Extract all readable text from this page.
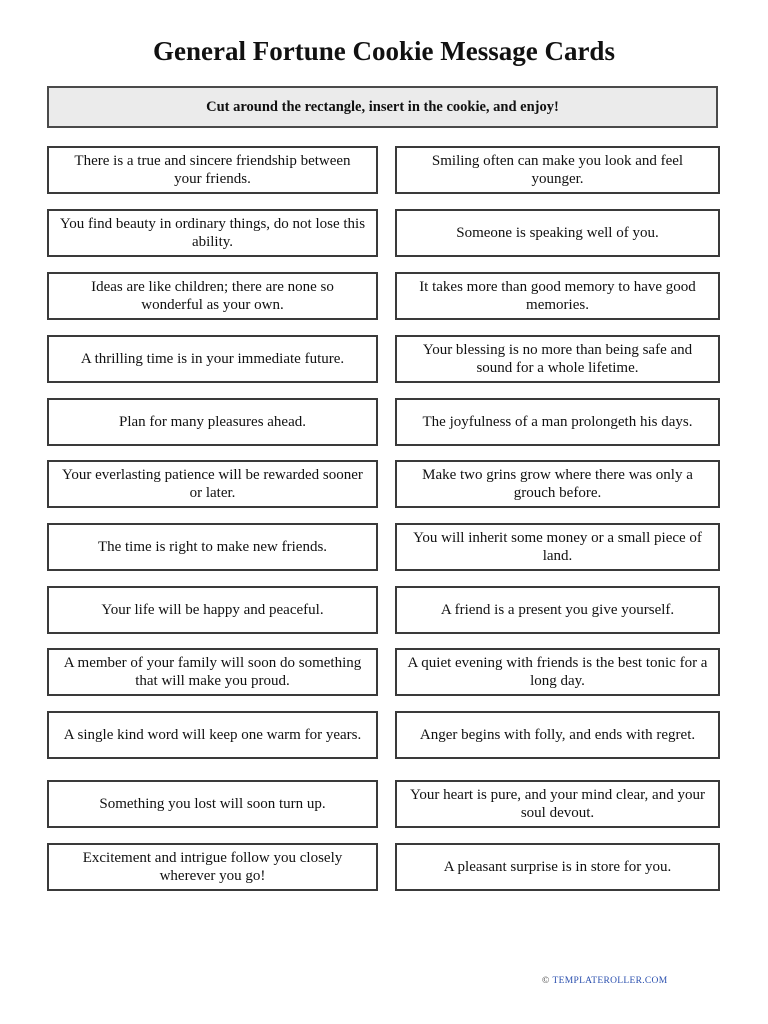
General Fortune Cookie Message Cards
Cut around the rectangle, insert in the cookie, and enjoy!
There is a true and sincere friendship between your friends.
Smiling often can make you look and feel younger.
You find beauty in ordinary things, do not lose this ability.
Someone is speaking well of you.
Ideas are like children; there are none so wonderful as your own.
It takes more than good memory to have good memories.
A thrilling time is in your immediate future.
Your blessing is no more than being safe and sound for a whole lifetime.
Plan for many pleasures ahead.	The joyfulness of a man prolongeth his days.
Your everlasting patience will be rewarded sooner or later.
Make two grins grow where there was only a grouch before.
The time is right to make new friends.
You will inherit some money or a small piece of land.
Your life will be happy and peaceful.	A friend is a present you give yourself.
A member of your family will soon do something that will make you proud.
A quiet evening with friends is the best tonic for a long day.
A single kind word will keep one warm for years.	Anger begins with folly, and ends with regret.
Something you lost will soon turn up.
Your heart is pure, and your mind clear, and your soul devout.
Excitement and intrigue follow you closely wherever you go!
A pleasant surprise is in store for you.
© TEMPLATEROLLER.COM
